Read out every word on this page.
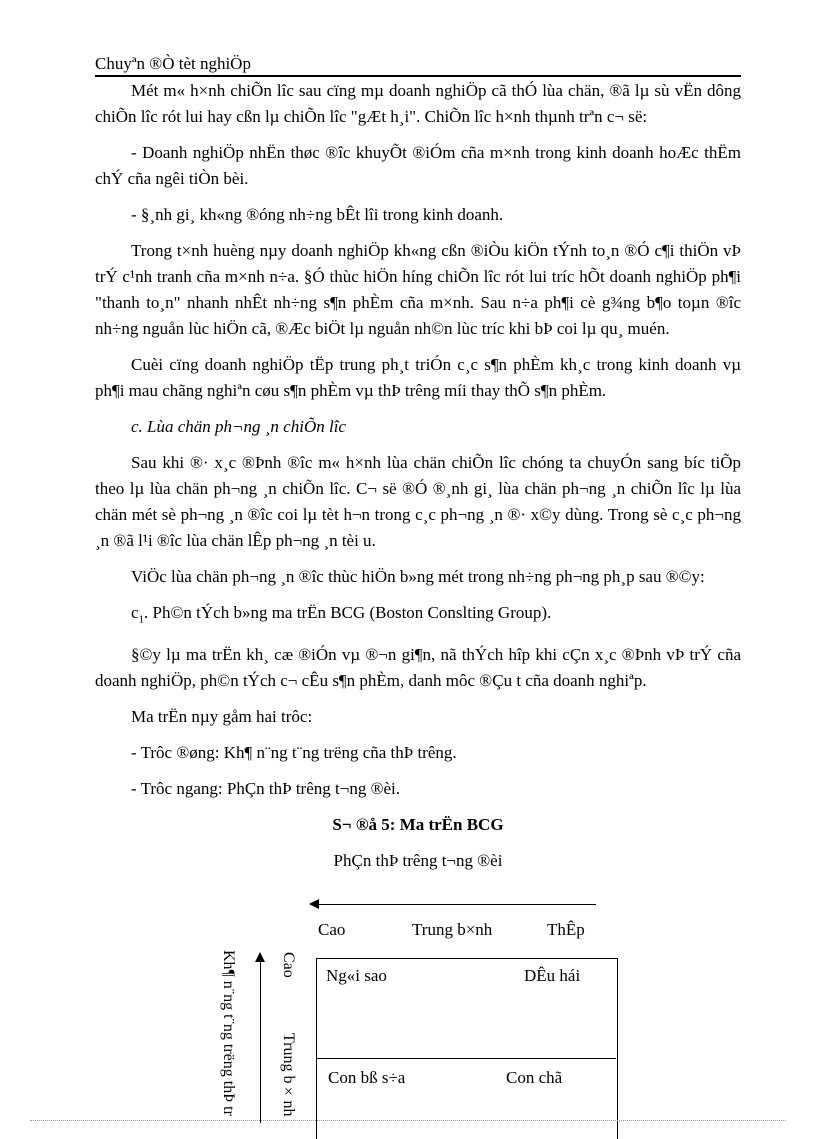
Chuyªn ®Ò tèt nghiÖp

Mét m« h×nh chiÕn lîc sau cïng mµ doanh nghiÖp cã thÓ lùa chän, ®ã lµ sù vËn dông chiÕn lîc rót lui hay cßn lµ chiÕn lîc "gÆt h¸i". ChiÕn lîc h×nh thµnh trªn c¬ së:

- Doanh nghiÖp nhËn thøc ®îc khuyÕt ®iÓm cña m×nh trong kinh doanh hoÆc thËm chÝ cña ngêi tiÒn bèi.

- §¸nh gi¸ kh«ng ®óng nh÷ng bÊt lîi trong kinh doanh.

Trong t×nh huèng nµy doanh nghiÖp kh«ng cßn ®iÒu kiÖn tÝnh to¸n ®Ó c¶i thiÖn vÞ trÝ c¹nh tranh cña m×nh n÷a. §Ó thùc hiÖn híng chiÕn lîc rót lui tríc hÕt doanh nghiÖp ph¶i "thanh to¸n" nhanh nhÊt nh÷ng s¶n phÈm cña m×nh. Sau n÷a ph¶i cè g¾ng b¶o toµn ®îc nh÷ng nguån lùc hiÖn cã, ®Æc biÖt lµ nguån nh©n lùc tríc khi bÞ coi lµ qu¸ muén.

Cuèi cïng doanh nghiÖp tËp trung ph¸t triÓn c¸c s¶n phÈm kh¸c trong kinh doanh vµ ph¶i mau chãng nghiªn cøu s¶n phÈm vµ thÞ trêng míi thay thÕ s¶n phÈm.

c. Lùa chän ph¬ng ¸n chiÕn lîc

Sau khi ®· x¸c ®Þnh ®îc m« h×nh lùa chän chiÕn lîc chóng ta chuyÓn sang bíc tiÕp theo lµ lùa chän ph¬ng ¸n chiÕn lîc. C¬ së ®Ó ®¸nh gi¸ lùa chän ph¬ng ¸n chiÕn lîc lµ lùa chän mét sè ph¬ng ¸n ®îc coi lµ tèt h¬n trong c¸c ph¬ng ¸n ®· x©y dùng. Trong sè c¸c ph¬ng ¸n ®ã l¹i ®îc lùa chän lÊp ph¬ng ¸n tèi u.

ViÖc lùa chän ph¬ng ¸n ®îc thùc hiÖn b»ng mét trong nh÷ng ph¬ng ph¸p sau ®©y:

$c_1$. Ph©n tÝch b»ng ma trËn BCG (Boston Conslting Group).

§©y lµ ma trËn kh¸ cæ ®iÓn vµ ®¬n gi¶n, nã thÝch hîp khi cÇn x¸c ®Þnh vÞ trÝ cña doanh nghiÖp, ph©n tÝch c¬ cÊu s¶n phÈm, danh môc ®Çu t cña doanh nghiªp.

Ma trËn nµy gåm hai trôc:

- Trôc ®øng: Kh¶ n¨ng t¨ng trëng cña thÞ trêng.

- Trôc ngang: PhÇn thÞ trêng t¬ng ®èi.

S¬ ®å 5: Ma trËn BCG

PhÇn thÞ trêng t¬ng ®èi

Cao	Trung b×nh	ThÊp
Kh¶ n¨ng t¨ng trëng thÞ tr	Cao
Trung b×nh
Ng«i sao	DÊu hái
Con bß s÷a	Con chã
